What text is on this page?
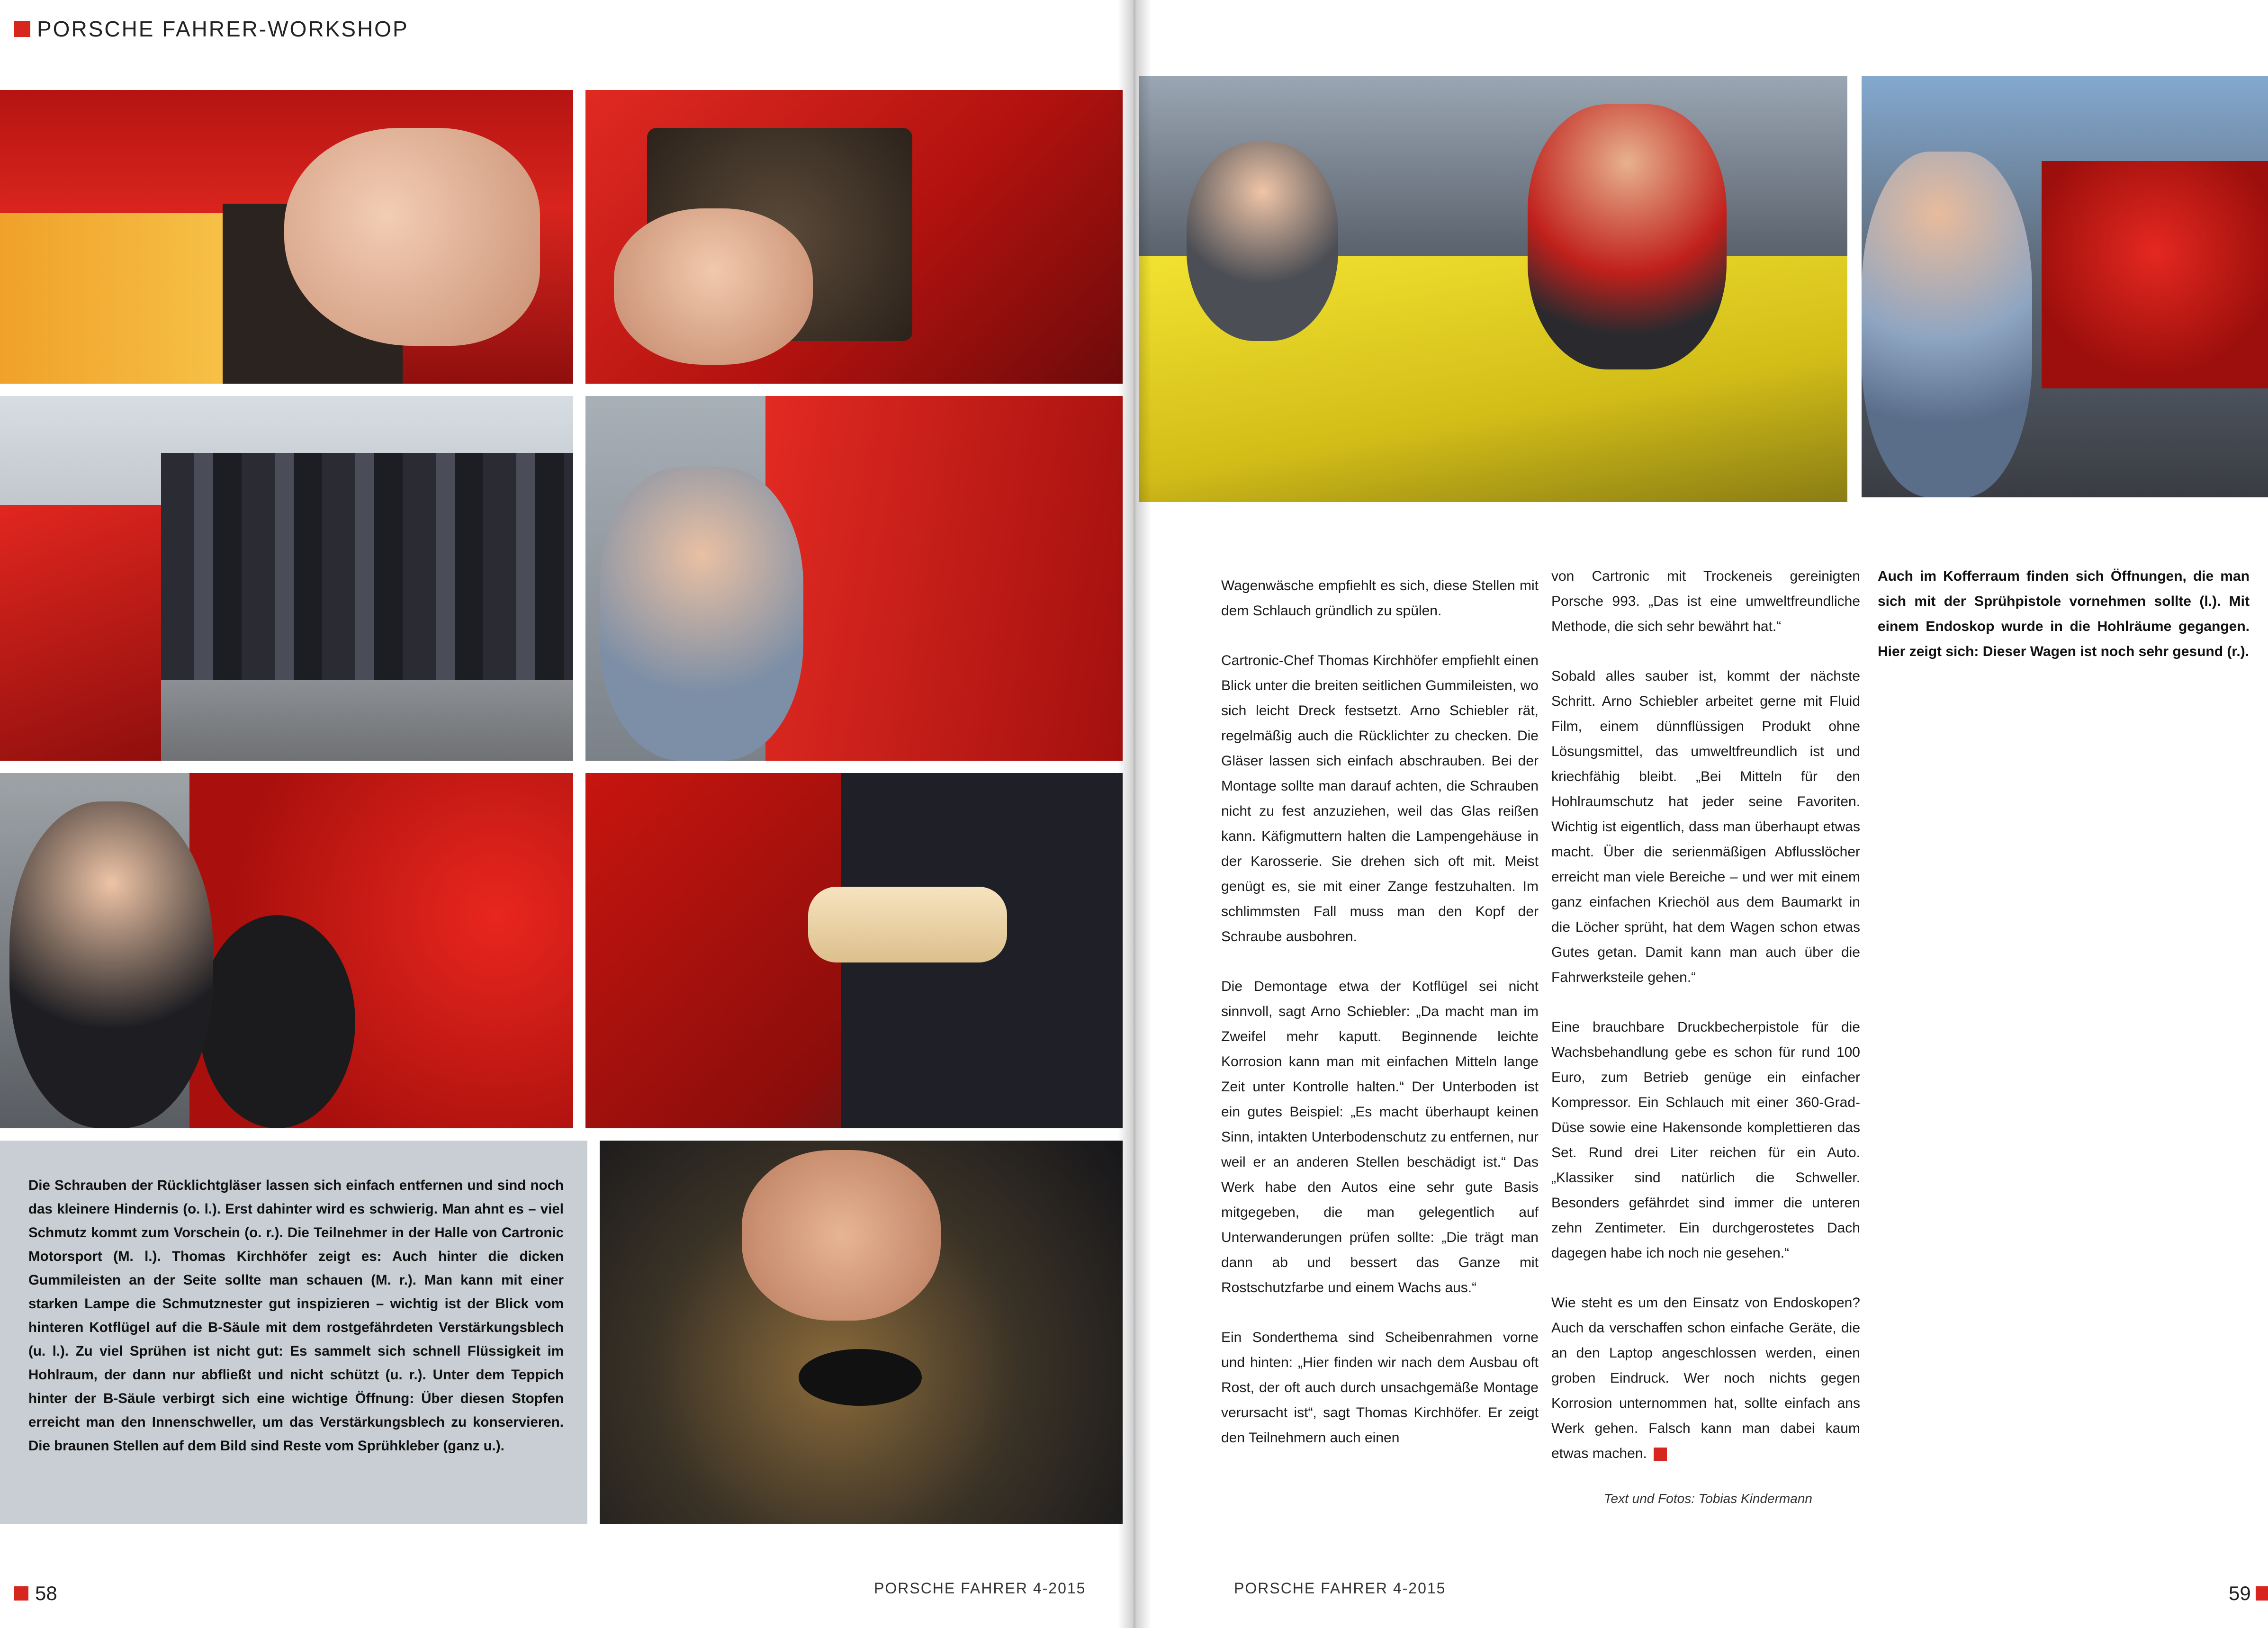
PORSCHE FAHRER-WORKSHOP
Die Schrauben der Rücklichtgläser lassen sich einfach entfernen und sind noch das kleinere Hindernis (o. l.). Erst dahinter wird es schwierig. Man ahnt es – viel Schmutz kommt zum Vorschein (o. r.). Die Teilnehmer in der Halle von Cartronic Motorsport (M. l.). Thomas Kirchhöfer zeigt es: Auch hinter die dicken Gummileisten an der Seite sollte man schauen (M. r.). Man kann mit einer starken Lampe die Schmutznester gut inspizieren – wichtig ist der Blick vom hinteren Kotflügel auf die B-Säule mit dem rostgefährdeten Verstärkungsblech (u. l.). Zu viel Sprühen ist nicht gut: Es sammelt sich schnell Flüssigkeit im Hohlraum, der dann nur abfließt und nicht schützt (u. r.). Unter dem Teppich hinter der B-Säule verbirgt sich eine wichtige Öffnung: Über diesen Stopfen erreicht man den Innenschweller, um das Verstärkungsblech zu konservieren. Die braunen Stellen auf dem Bild sind Reste vom Sprühkleber (ganz u.).
58	PORSCHE FAHRER 4-2015

Wagenwäsche empfiehlt es sich, diese Stellen mit dem Schlauch gründlich zu spülen.

Cartronic-Chef Thomas Kirchhöfer empfiehlt einen Blick unter die breiten seitlichen Gummileisten, wo sich leicht Dreck festsetzt. Arno Schiebler rät, regelmäßig auch die Rücklichter zu checken. Die Gläser lassen sich einfach abschrauben. Bei der Montage sollte man darauf achten, die Schrauben nicht zu fest anzuziehen, weil das Glas reißen kann. Käfigmuttern halten die Lampengehäuse in der Karosserie. Sie drehen sich oft mit. Meist genügt es, sie mit einer Zange festzuhalten. Im schlimmsten Fall muss man den Kopf der Schraube ausbohren.

Die Demontage etwa der Kotflügel sei nicht sinnvoll, sagt Arno Schiebler: „Da macht man im Zweifel mehr kaputt. Beginnende leichte Korrosion kann man mit einfachen Mitteln lange Zeit unter Kontrolle halten.“ Der Unterboden ist ein gutes Beispiel: „Es macht überhaupt keinen Sinn, intakten Unterbodenschutz zu entfernen, nur weil er an anderen Stellen beschädigt ist.“ Das Werk habe den Autos eine sehr gute Basis mitgegeben, die man gelegentlich auf Unterwanderungen prüfen sollte: „Die trägt man dann ab und bessert das Ganze mit Rostschutzfarbe und einem Wachs aus.“

Ein Sonderthema sind Scheibenrahmen vorne und hinten: „Hier finden wir nach dem Ausbau oft Rost, der oft auch durch unsachgemäße Montage verursacht ist“, sagt Thomas Kirchhöfer. Er zeigt den Teilnehmern auch einen

von Cartronic mit Trockeneis gereinigten Porsche 993. „Das ist eine umweltfreundliche Methode, die sich sehr bewährt hat.“

Sobald alles sauber ist, kommt der nächste Schritt. Arno Schiebler arbeitet gerne mit Fluid Film, einem dünnflüssigen Produkt ohne Lösungsmittel, das umweltfreundlich ist und kriechfähig bleibt. „Bei Mitteln für den Hohlraumschutz hat jeder seine Favoriten. Wichtig ist eigentlich, dass man überhaupt etwas macht. Über die serienmäßigen Abflusslöcher erreicht man viele Bereiche – und wer mit einem ganz einfachen Kriechöl aus dem Baumarkt in die Löcher sprüht, hat dem Wagen schon etwas Gutes getan. Damit kann man auch über die Fahrwerksteile gehen.“

Eine brauchbare Druckbecherpistole für die Wachsbehandlung gebe es schon für rund 100 Euro, zum Betrieb genüge ein einfacher Kompressor. Ein Schlauch mit einer 360-Grad-Düse sowie eine Hakensonde komplettieren das Set. Rund drei Liter reichen für ein Auto. „Klassiker sind natürlich die Schweller. Besonders gefährdet sind immer die unteren zehn Zentimeter. Ein durchgerostetes Dach dagegen habe ich noch nie gesehen.“

Wie steht es um den Einsatz von Endoskopen? Auch da verschaffen schon einfache Geräte, die an den Laptop angeschlossen werden, einen groben Eindruck. Wer noch nichts gegen Korrosion unternommen hat, sollte einfach ans Werk gehen. Falsch kann man dabei kaum etwas machen.

Text und Fotos: Tobias Kindermann
Auch im Kofferraum finden sich Öffnungen, die man sich mit der Sprühpistole vornehmen sollte (l.). Mit einem Endoskop wurde in die Hohlräume gegangen. Hier zeigt sich: Dieser Wagen ist noch sehr gesund (r.).
PORSCHE FAHRER 4-2015	59
